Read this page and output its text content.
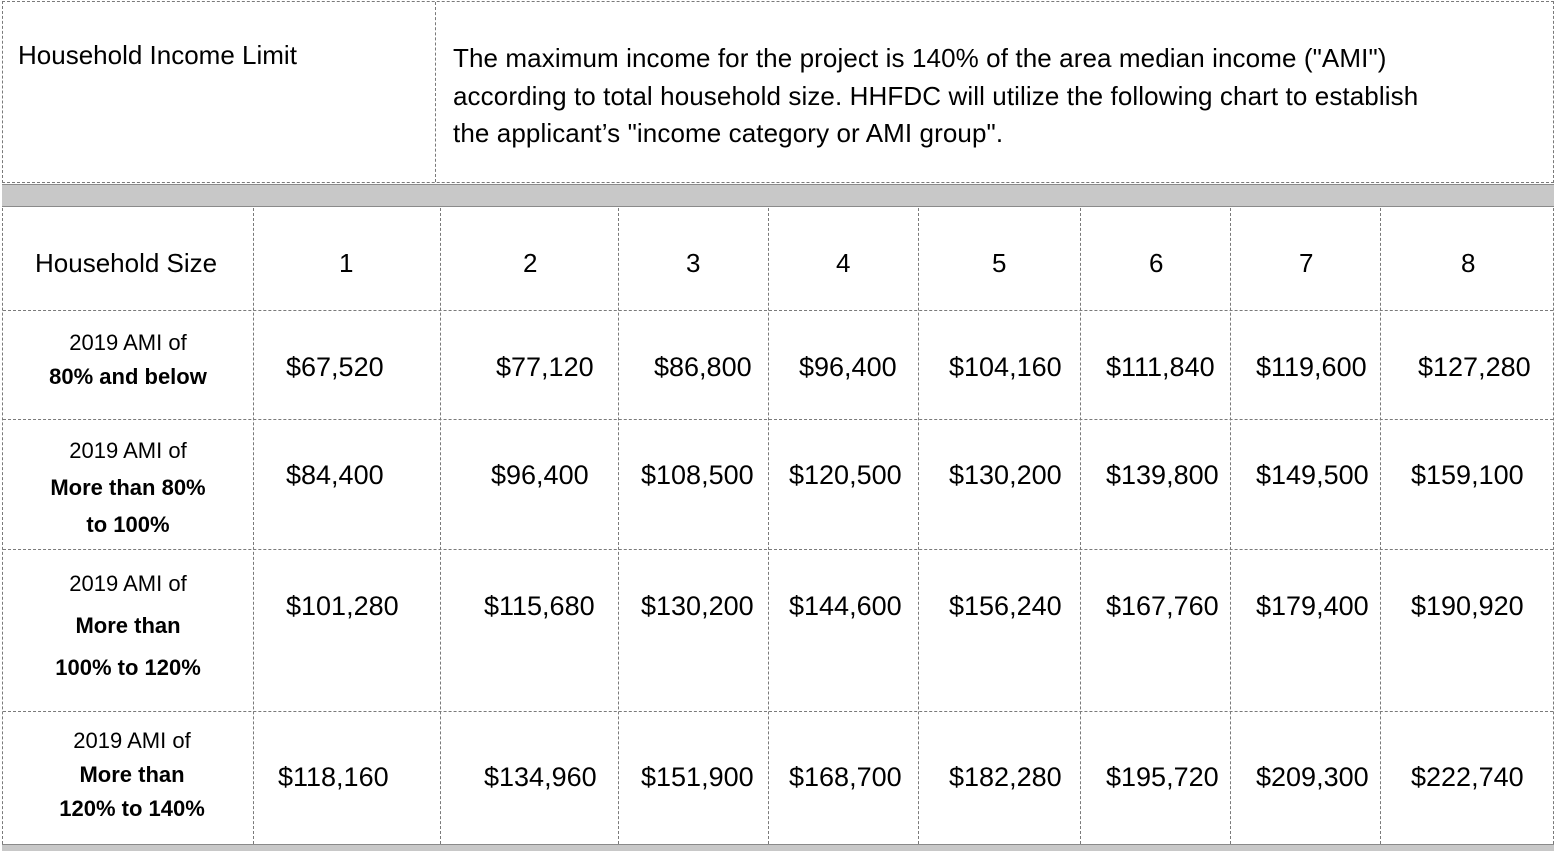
Household Income Limit	The maximum income for the project is 140% of the area median income ("AMI")
according to total household size. HHFDC will utilize the following chart to establish
the applicant’s "income category or AMI group".
Household Size	1	2	3	4	5	6	7	8
2019 AMI of
80% and below	$67,520	$77,120 $86,800 $96,400 $104,160 $111,840 $119,600 $127,280
2019 AMI of
More than 80%
to 100%
$84,400	$96,400 $108,500 $120,500 $130,200 $139,800 $149,500 $159,100
2019 AMI of
More than
100% to 120%
$101,280	$115,680 $130,200 $144,600 $156,240 $167,760 $179,400 $190,920
2019 AMI of
More than
120% to 140%
$118,160	$134,960 $151,900 $168,700 $182,280 $195,720 $209,300 $222,740
